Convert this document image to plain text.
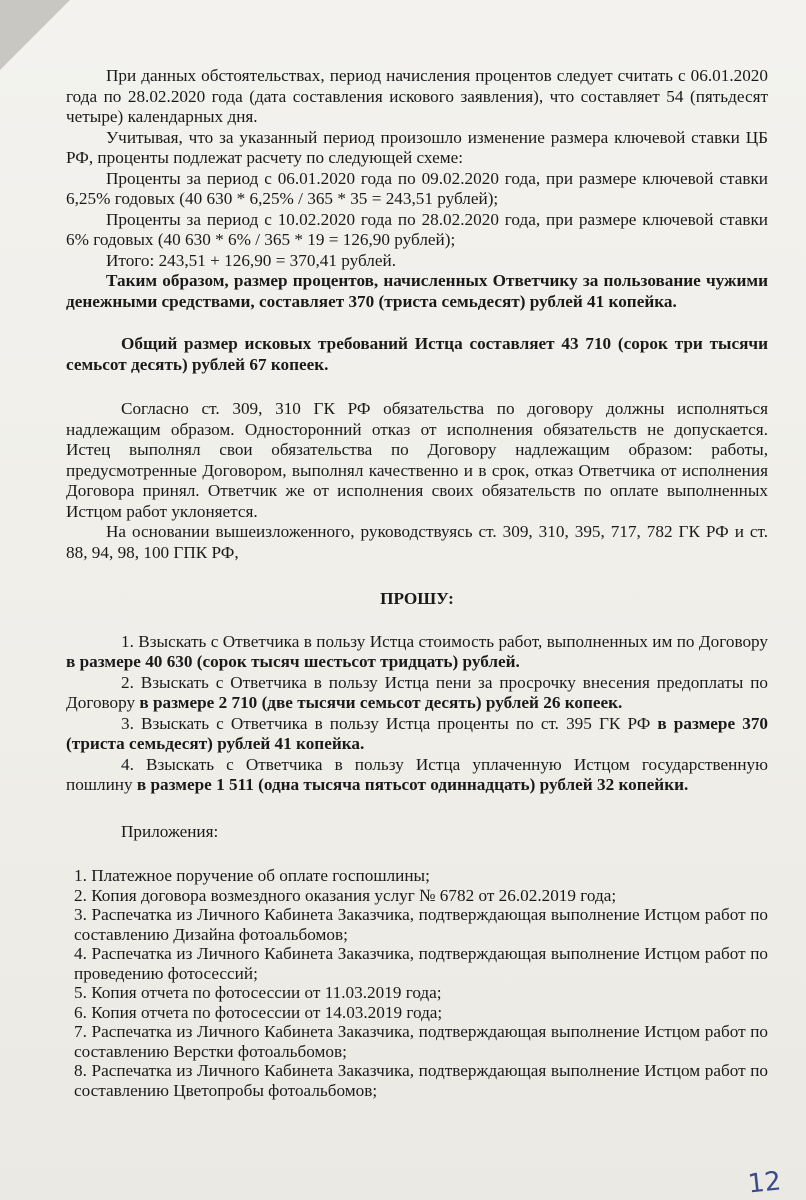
При данных обстоятельствах, период начисления процентов следует считать с 06.01.2020 года по 28.02.2020 года (дата составления искового заявления), что составляет 54 (пятьдесят четыре) календарных дня.

Учитывая, что за указанный период произошло изменение размера ключевой ставки ЦБ РФ, проценты подлежат расчету по следующей схеме:

Проценты за период с 06.01.2020 года по 09.02.2020 года, при размере ключевой ставки 6,25% годовых (40 630 * 6,25% / 365 * 35 = 243,51 рублей);

Проценты за период с 10.02.2020 года по 28.02.2020 года, при размере ключевой ставки 6% годовых (40 630 * 6% / 365 * 19 = 126,90 рублей);

Итого: 243,51 + 126,90 = 370,41 рублей.

Таким образом, размер процентов, начисленных Ответчику за пользование чужими денежными средствами, составляет 370 (триста семьдесят) рублей 41 копейка.

Общий размер исковых требований Истца составляет 43 710 (сорок три тысячи семьсот десять) рублей 67 копеек.

Согласно ст. 309, 310 ГК РФ обязательства по договору должны исполняться надлежащим образом. Односторонний отказ от исполнения обязательств не допускается. Истец выполнял свои обязательства по Договору надлежащим образом: работы, предусмотренные Договором, выполнял качественно и в срок, отказ Ответчика от исполнения Договора принял. Ответчик же от исполнения своих обязательств по оплате выполненных Истцом работ уклоняется.

На основании вышеизложенного, руководствуясь ст. 309, 310, 395, 717, 782 ГК РФ и ст. 88, 94, 98, 100 ГПК РФ,

ПРОШУ:

1. Взыскать с Ответчика в пользу Истца стоимость работ, выполненных им по Договору в размере 40 630 (сорок тысяч шестьсот тридцать) рублей.

2. Взыскать с Ответчика в пользу Истца пени за просрочку внесения предоплаты по Договору в размере 2 710 (две тысячи семьсот десять) рублей 26 копеек.

3. Взыскать с Ответчика в пользу Истца проценты по ст. 395 ГК РФ в размере 370 (триста семьдесят) рублей 41 копейка.

4. Взыскать с Ответчика в пользу Истца уплаченную Истцом государственную пошлину в размере 1 511 (одна тысяча пятьсот одиннадцать) рублей 32 копейки.

Приложения:

1. Платежное поручение об оплате госпошлины;

2. Копия договора возмездного оказания услуг № 6782 от 26.02.2019 года;

3. Распечатка из Личного Кабинета Заказчика, подтверждающая выполнение Истцом работ по составлению Дизайна фотоальбомов;

4. Распечатка из Личного Кабинета Заказчика, подтверждающая выполнение Истцом работ по проведению фотосессий;

5. Копия отчета по фотосессии от 11.03.2019 года;

6. Копия отчета по фотосессии от 14.03.2019 года;

7. Распечатка из Личного Кабинета Заказчика, подтверждающая выполнение Истцом работ по составлению Верстки фотоальбомов;

8. Распечатка из Личного Кабинета Заказчика, подтверждающая выполнение Истцом работ по составлению Цветопробы фотоальбомов;

12
